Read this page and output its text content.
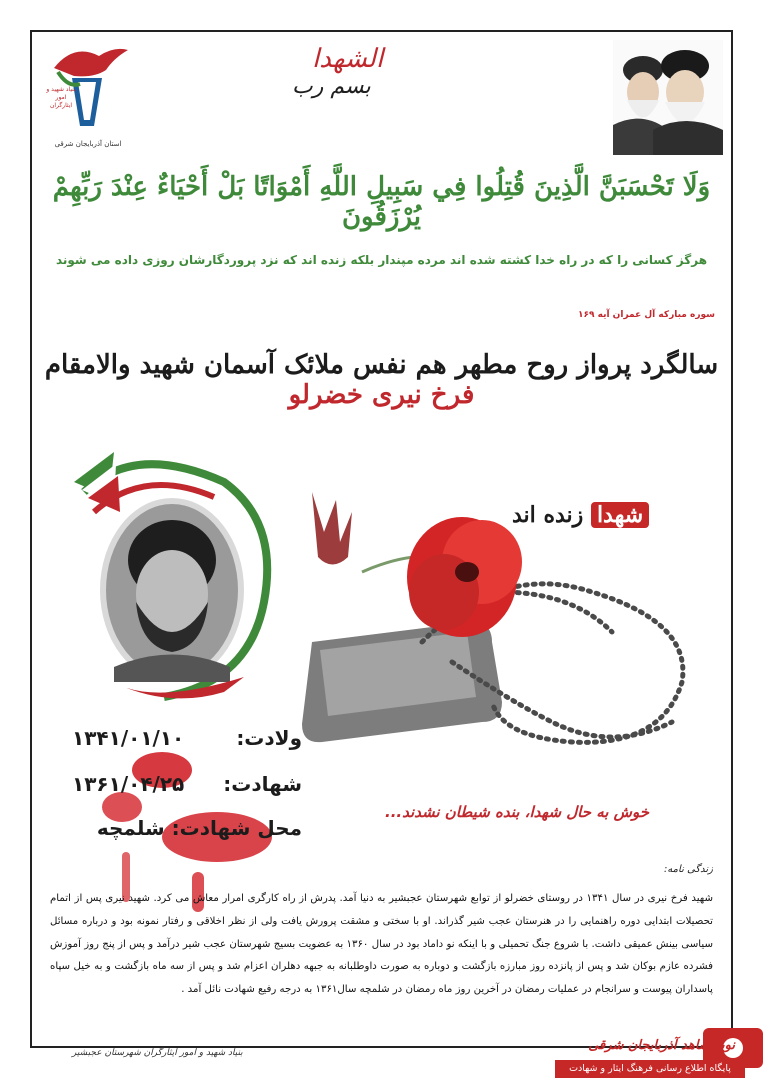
بنیاد شهید و امور ایثارگران
استان آذربایجان شرقی
الشهدا
بسم رب
وَلَا تَحْسَبَنَّ الَّذِينَ قُتِلُوا فِي سَبِيلِ اللَّهِ أَمْوَاتًا بَلْ أَحْيَاءٌ عِنْدَ رَبِّهِمْ يُرْزَقُونَ
هرگز کسانی را که در راه خدا کشته شده اند مرده مپندار بلکه زنده اند که نزد پروردگارشان روزی داده می شوند
سوره مبارکه آل عمران آیه ۱۶۹
سالگرد پرواز روح مطهر هم نفس ملائک آسمان شهید والامقام فرخ نیری خضرلو
شهدا زنده اند
ولادت:
۱۳۴۱/۰۱/۱۰
شهادت:
۱۳۶۱/۰۴/۲۵
محل شهادت: شلمچه
خوش به حال شهدا، بنده شیطان نشدند...
زندگی نامه:
شهید فرخ نیری در سال ۱۳۴۱ در روستای خضرلو از توابع شهرستان عجبشیر به دنیا آمد. پدرش از راه کارگری امرار معاش می کرد. شهید نیری پس از اتمام تحصیلات ابتدایی دوره راهنمایی را در هنرستان عجب شیر گذراند. او با سختی و مشقت پرورش یافت ولی از نظر اخلاقی و رفتار نمونه بود و درباره مسائل سیاسی بینش عمیقی داشت. با شروع جنگ تحمیلی و با اینکه نو داماد بود در سال ۱۳۶۰ به عضویت بسیج شهرستان عجب شیر درآمد و پس از پنج روز آموزش فشرده عازم بوکان شد و پس از پانزده روز مبارزه بازگشت و دوباره به صورت داوطلبانه به جبهه دهلران اعزام شد و پس از سه ماه بازگشت و به خیل سپاه پاسداران پیوست و سرانجام در عملیات رمضان در آخرین روز ماه رمضان در شلمچه سال۱۳۶۱ به درجه رفیع شهادت نائل آمد .
بنیاد شهید و امور ایثارگران شهرستان عجبشیر	نوید شاهد آذربایجان شرقی
پایگاه اطلاع رسانی فرهنگ ایثار و شهادت
